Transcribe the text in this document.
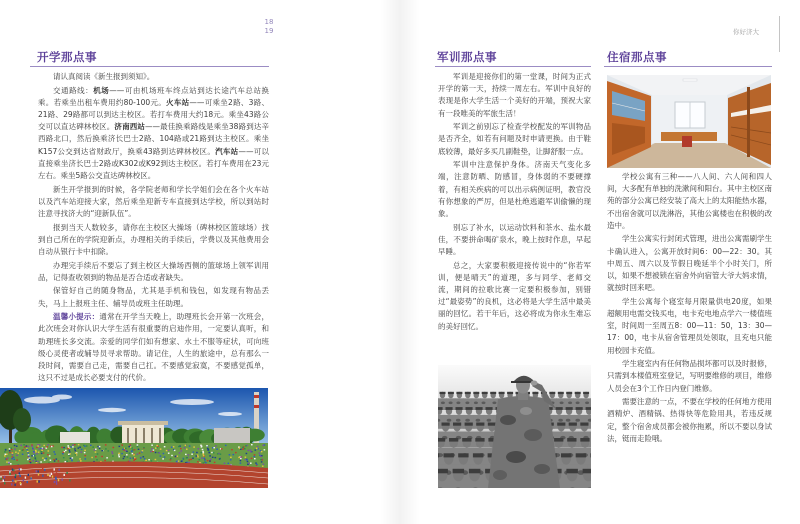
18
19	你好济大
开学那点事

请认真阅读《新生报到须知》。

交通路线：机场——可由机场班车终点站到达长途汽车总站换乘。若乘坐出租车费用约80-100元。火车站——可乘坐2路、3路、21路、29路都可以到达主校区。若打车费用大约18元。乘坐43路公交可以直达碑林校区。济南西站——最佳换乘路线是乘坐38路到达辛西路北口，然后换乘济长巴士2路、104路或21路到达主校区。乘坐K157公交到达省财政厅，换乘43路到达碑林校区。汽车站——可以直接乘坐济长巴士2路或K302或K92到达主校区。若打车费用在23元左右。乘坐5路公交直达碑林校区。

新生开学报到的时候，各学院老师和学长学姐们会在各个火车站以及汽车站迎接大家，然后乘坐迎新专车直接到达学校，所以到站时注意寻找济大的“迎新队伍”。

报到当天人数较多，请你在主校区大操场（碑林校区篮球场）找到自己所在的学院迎新点，办理相关的手续后，学费以及其他费用会自动从银行卡中扣除。

办理完手续后不要忘了到主校区大操场西侧的篮球场上领军训用品，记得查收领到的物品是否合适或者缺失。

保管好自己的随身物品，尤其是手机和钱包，如发现有物品丢失，马上上报班主任、辅导员或班主任助理。

温馨小提示：通常在开学当天晚上，助理班长会开第一次班会，此次班会对你认识大学生活有很重要的启迪作用，一定要认真听，和助理班长多交流。亲爱的同学们如有想家、水土不服等症状，可向班级心灵使者或辅导员寻求帮助。请记住，人生的旅途中，总有那么一段时间，需要自己走，需要自己扛。不要感觉寂寞，不要感觉孤单，这只不过是成长必要支付的代价。

军训那点事

军训是迎接你们的第一堂课，时间为正式开学的第一天，持续一周左右。军训中良好的表现是你大学生活一个美好的开端，预祝大家有一段唯美的军旅生活！

军训之前别忘了检查学校配发的军训物品是否齐全，如若有问题及时申请更换。由于鞋底较薄，最好多买几副鞋垫，让脚舒服一点。

军训中注意保护身体。济南天气变化多端，注意防晒、防感冒，身体弱的不要硬撑着，有相关疾病的可以出示病例证明，教官没有你想象的严厉，但是杜绝逃避军训偷懒的现象。

别忘了补水，以运动饮料和茶水、盐水最佳，不要拼命喝矿泉水，晚上按时作息，早起早睡。

总之，大家要积极迎接传说中的“你若军训，便是晴天”的道理，多与同学、老师交流，期间的拉歌比赛一定要积极参加，别错过“最姿势”的良机，这必将是大学生活中最美丽的回忆。若干年后，这必将成为你永生难忘的美好回忆。

住宿那点事

学校公寓有三种——八人间、六人间和四人间，大多配有单独的洗漱间和阳台。其中主校区南苑的部分公寓已经安装了高大上的太阳能热水器，不出宿舍就可以洗淋浴，其他公寓楼也在积极的改造中。

学生公寓实行封闭式管理，进出公寓需刷学生卡确认进入，公寓开放时间6：00—22：30。其中周五、周六以及节假日晚延半个小时关门，所以，如果不想被锁在宿舍外向宿管大爷大妈求情，就按时回来吧。

学生公寓每个寝室每月限量供电20度，如果超额用电需交钱买电，电卡充电地点学六一楼值班室，时间周一至周五8：00—11：50，13：30—17：00，电卡从宿舍管理员处领取，且充电只能用校园卡充值。

学生寝室内有任何物品损坏都可以及时报修，只需到本楼值班室登记，写明要维修的项目，维修人员会在3个工作日内登门维修。

需要注意的一点，不要在学校的任何地方使用酒精炉、酒精锅、热得快等危险用具，若违反规定，整个宿舍成员都会被你拖累，所以不要以身试法，铤而走险哦。
